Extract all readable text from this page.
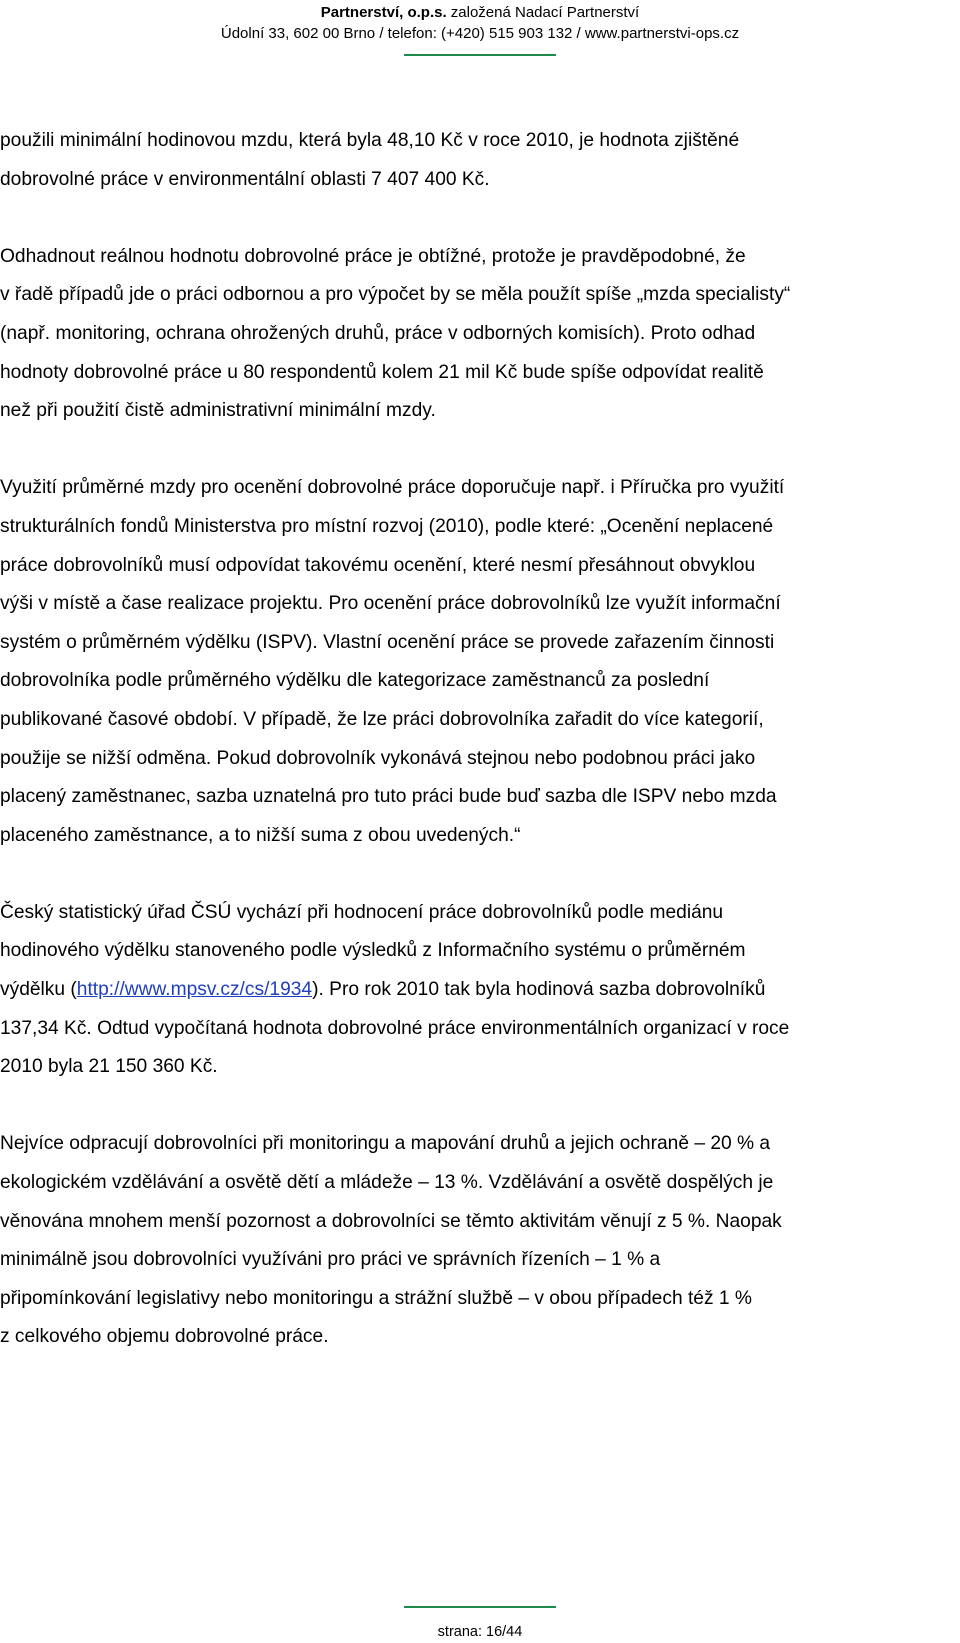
Partnerství, o.p.s. založená Nadací Partnerství
Údolní 33, 602 00 Brno / telefon: (+420) 515 903 132 / www.partnerstvi-ops.cz

použili minimální hodinovou mzdu, která byla 48,10 Kč v roce 2010, je hodnota zjištěné
dobrovolné práce v environmentální oblasti 7 407 400 Kč.

Odhadnout reálnou hodnotu dobrovolné práce je obtížné, protože je pravděpodobné, že
v řadě případů jde o práci odbornou a pro výpočet by se měla použít spíše „mzda specialisty“
(např. monitoring, ochrana ohrožených druhů, práce v odborných komisích). Proto odhad
hodnoty dobrovolné práce u 80 respondentů kolem 21 mil Kč bude spíše odpovídat realitě
než při použití čistě administrativní minimální mzdy.

Využití průměrné mzdy pro ocenění dobrovolné práce doporučuje např. i Příručka pro využití
strukturálních fondů Ministerstva pro místní rozvoj (2010), podle které: „Ocenění neplacené
práce dobrovolníků musí odpovídat takovému ocenění, které nesmí přesáhnout obvyklou
výši v místě a čase realizace projektu. Pro ocenění práce dobrovolníků lze využít informační
systém o průměrném výdělku (ISPV). Vlastní ocenění práce se provede zařazením činnosti
dobrovolníka podle průměrného výdělku dle kategorizace zaměstnanců za poslední
publikované časové období. V případě, že lze práci dobrovolníka zařadit do více kategorií,
použije se nižší odměna. Pokud dobrovolník vykonává stejnou nebo podobnou práci jako
placený zaměstnanec, sazba uznatelná pro tuto práci bude buď sazba dle ISPV nebo mzda
placeného zaměstnance, a to nižší suma z obou uvedených.“

Český statistický úřad ČSÚ vychází při hodnocení práce dobrovolníků podle mediánu
hodinového výdělku stanoveného podle výsledků z Informačního systému o průměrném
výdělku (http://www.mpsv.cz/cs/1934). Pro rok 2010 tak byla hodinová sazba dobrovolníků
137,34 Kč. Odtud vypočítaná hodnota dobrovolné práce environmentálních organizací v roce
2010 byla 21 150 360 Kč.

Nejvíce odpracují dobrovolníci při monitoringu a mapování druhů a jejich ochraně – 20 % a
ekologickém vzdělávání a osvětě dětí a mládeže – 13 %. Vzdělávání a osvětě dospělých je
věnována mnohem menší pozornost a dobrovolníci se těmto aktivitám věnují z 5 %. Naopak
minimálně jsou dobrovolníci využíváni pro práci ve správních řízeních – 1 % a
připomínkování legislativy nebo monitoringu a strážní službě – v obou případech též 1 %
z celkového objemu dobrovolné práce.

strana: 16/44
